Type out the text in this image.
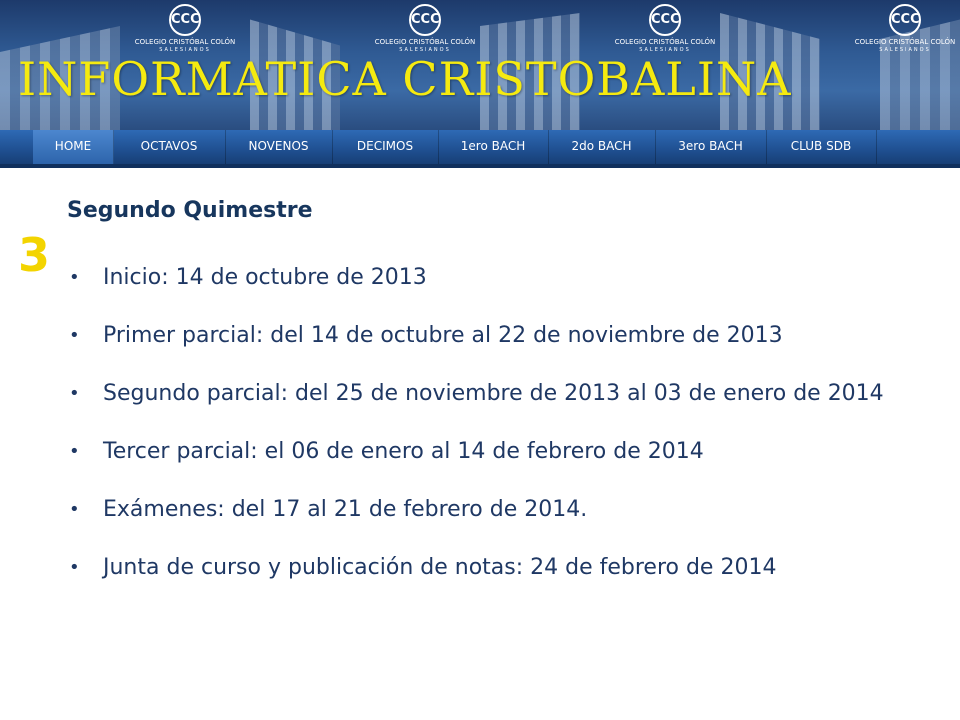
CCC
COLEGIO CRISTÓBAL COLÓN
SALESIANOS
CCC
COLEGIO CRISTÓBAL COLÓN
SALESIANOS
CCC
COLEGIO CRISTÓBAL COLÓN
SALESIANOS
CCC
COLEGIO CRISTÓBAL COLÓN
SALESIANOS
INFORMATICA CRISTOBALINA
HOME	OCTAVOS	NOVENOS	DECIMOS	1ero BACH	2do BACH	3ero BACH	CLUB SDB
3
Segundo Quimestre
• Inicio: 14 de octubre de 2013
• Primer parcial: del 14 de octubre al 22 de noviembre de 2013
• Segundo parcial: del 25 de noviembre de 2013 al 03 de enero de 2014
• Tercer parcial: el 06 de enero al 14 de febrero de 2014
• Exámenes: del 17 al 21 de febrero de 2014.
• Junta de curso y publicación de notas: 24 de febrero de 2014
